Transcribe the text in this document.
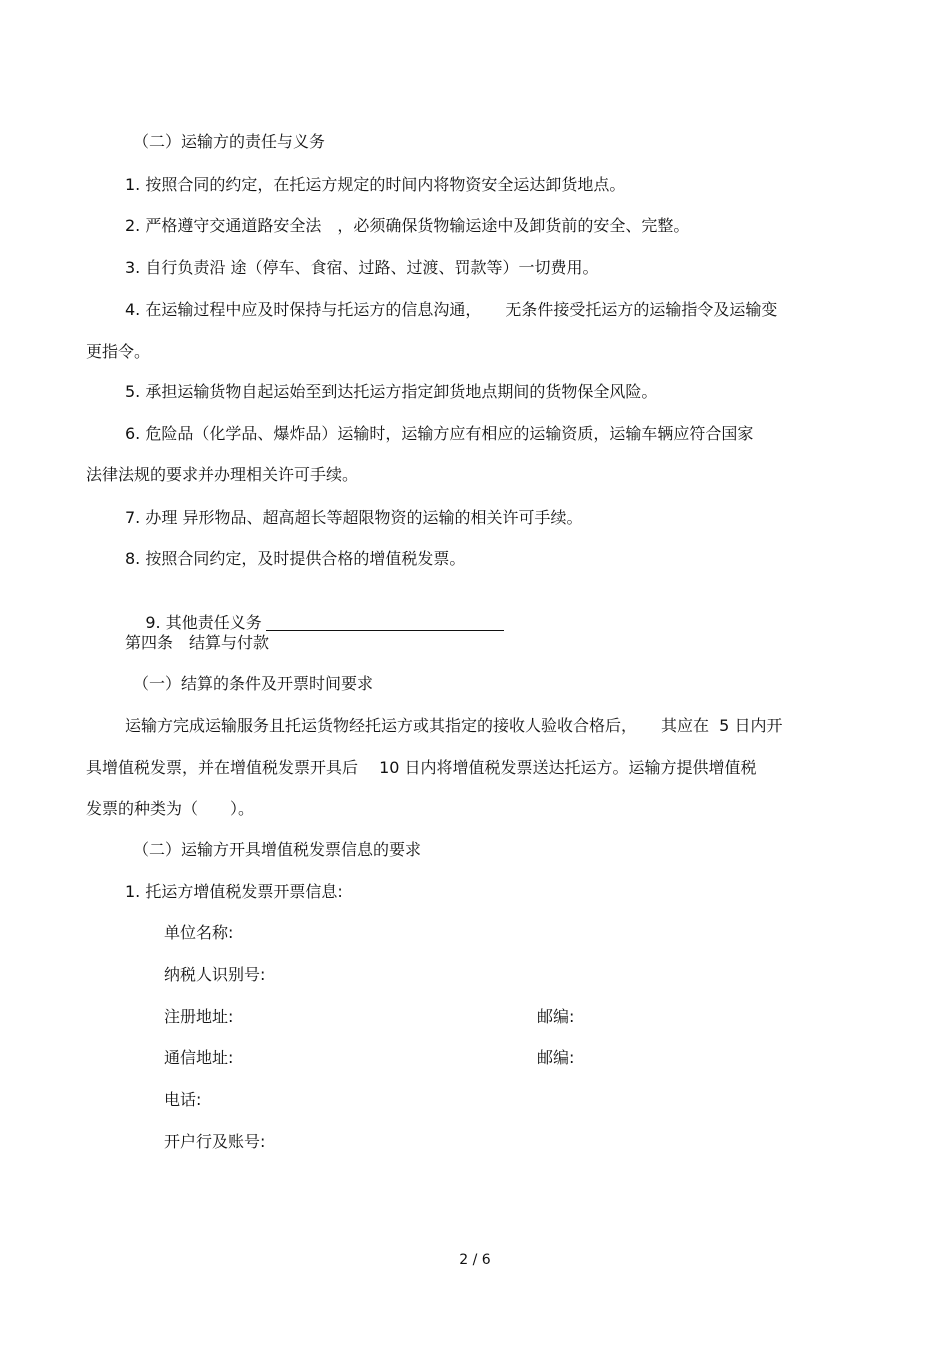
（二）运输方的责任与义务
1. 按照合同的约定，在托运方规定的时间内将物资安全运达卸货地点。
2. 严格遵守交通道路安全法　，必须确保货物输运途中及卸货前的安全、完整。
3. 自行负责沿 途（停车、食宿、过路、过渡、罚款等）一切费用。
4. 在运输过程中应及时保持与托运方的信息沟通，　　无条件接受托运方的运输指令及运输变
更指令。
5. 承担运输货物自起运始至到达托运方指定卸货地点期间的货物保全风险。
6. 危险品（化学品、爆炸品）运输时，运输方应有相应的运输资质，运输车辆应符合国家
法律法规的要求并办理相关许可手续。
7. 办理 异形物品、超高超长等超限物资的运输的相关许可手续。
8. 按照合同约定，及时提供合格的增值税发票。

9. 其他责任义务

第四条　结算与付款
（一）结算的条件及开票时间要求
运输方完成运输服务且托运货物经托运方或其指定的接收人验收合格后，　　其应在  5 日内开
具增值税发票，并在增值税发票开具后　 10 日内将增值税发票送达托运方。运输方提供增值税
发票的种类为（　　）。
（二）运输方开具增值税发票信息的要求
1. 托运方增值税发票开票信息:
单位名称:
纳税人识别号:
注册地址:	邮编:
通信地址:	邮编:
电话:
开户行及账号:
2 / 6
